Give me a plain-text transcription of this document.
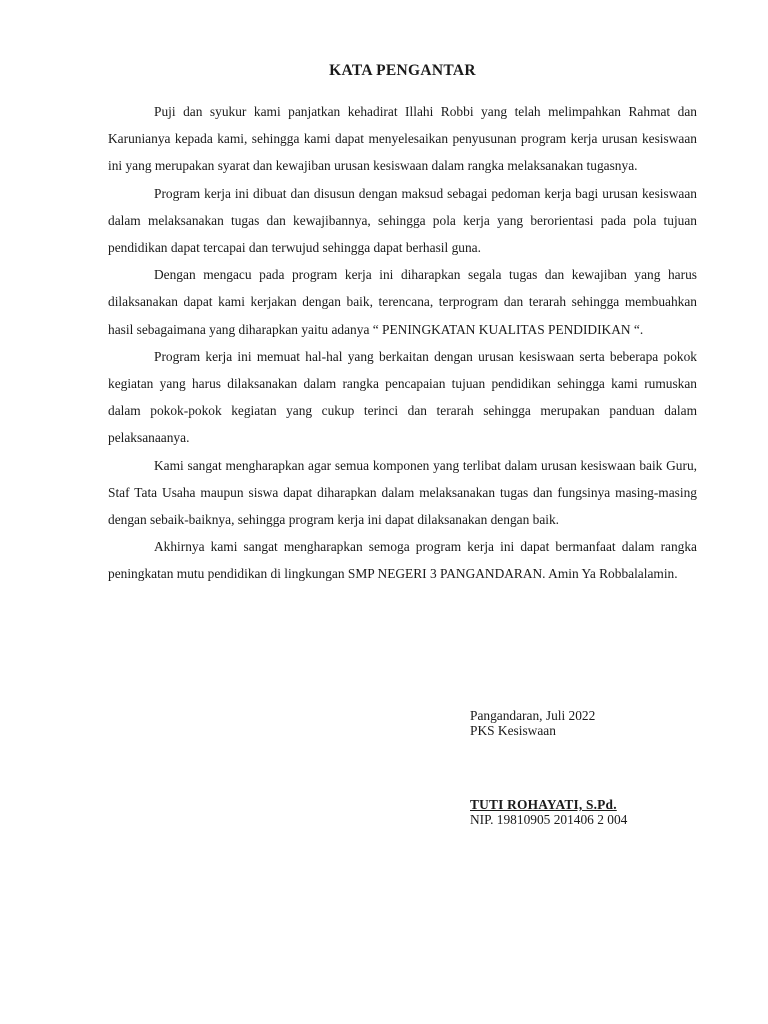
KATA PENGANTAR

Puji dan syukur kami panjatkan kehadirat Illahi Robbi yang telah melimpahkan Rahmat dan Karunianya kepada kami, sehingga kami dapat menyelesaikan penyusunan program kerja urusan kesiswaan ini yang merupakan syarat dan kewajiban urusan kesiswaan dalam rangka melaksanakan tugasnya.

Program kerja ini dibuat dan disusun dengan maksud sebagai pedoman kerja bagi urusan kesiswaan dalam melaksanakan tugas dan kewajibannya, sehingga pola kerja yang berorientasi pada pola tujuan pendidikan dapat tercapai dan terwujud sehingga dapat berhasil guna.

Dengan mengacu pada program kerja ini diharapkan segala tugas dan kewajiban yang harus dilaksanakan dapat kami kerjakan dengan baik, terencana, terprogram dan terarah sehingga membuahkan hasil sebagaimana yang diharapkan yaitu adanya “ PENINGKATAN KUALITAS PENDIDIKAN “.

Program kerja ini memuat hal-hal yang berkaitan dengan urusan kesiswaan serta beberapa pokok kegiatan yang harus dilaksanakan dalam rangka pencapaian tujuan pendidikan sehingga kami rumuskan dalam pokok-pokok kegiatan yang cukup terinci dan terarah sehingga merupakan panduan dalam pelaksanaanya.

Kami sangat mengharapkan agar semua komponen yang terlibat dalam urusan kesiswaan baik Guru, Staf Tata Usaha maupun siswa dapat diharapkan dalam melaksanakan tugas dan fungsinya masing-masing dengan sebaik-baiknya, sehingga program kerja ini dapat dilaksanakan dengan baik.

Akhirnya kami sangat mengharapkan semoga program kerja ini dapat bermanfaat dalam rangka peningkatan mutu pendidikan di lingkungan SMP NEGERI 3 PANGANDARAN. Amin Ya Robbalalamin.

Pangandaran, Juli 2022

PKS Kesiswaan

TUTI ROHAYATI, S.Pd.

NIP. 19810905 201406 2 004
